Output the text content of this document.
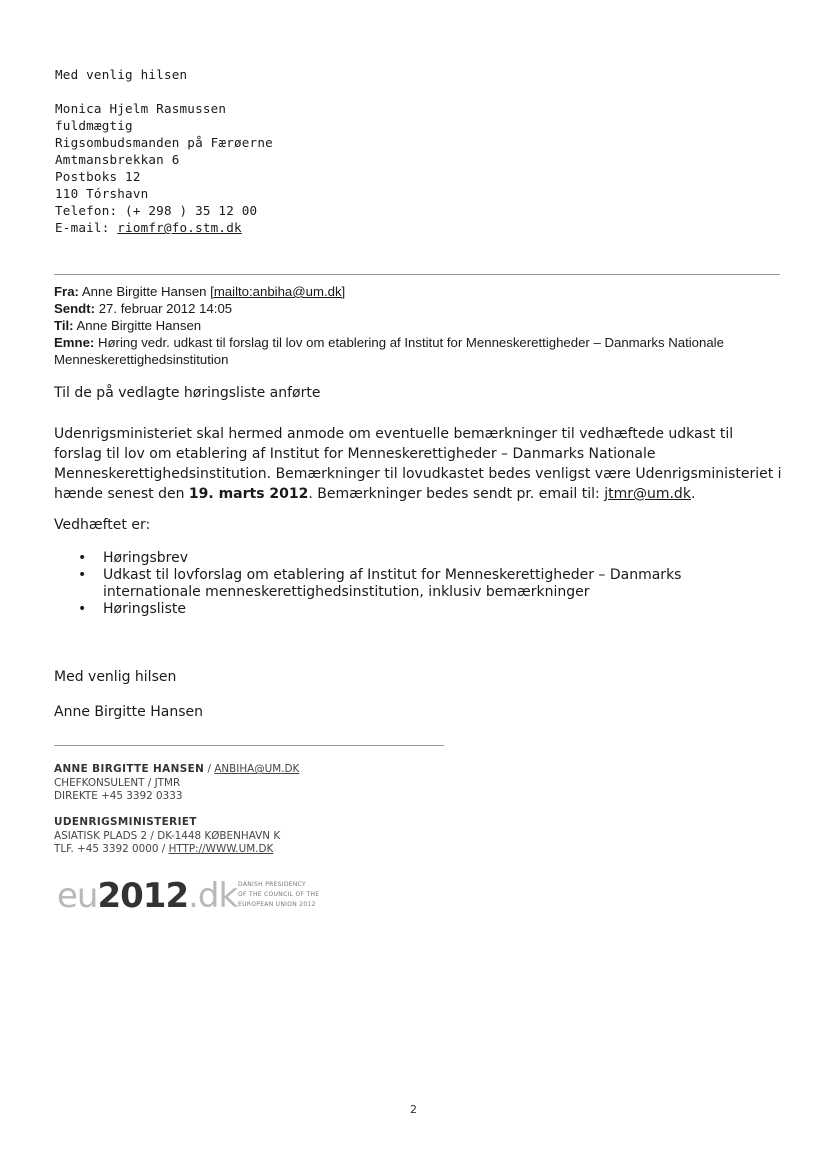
Med venlig hilsen
Monica Hjelm Rasmussen
fuldmægtig
Rigsombudsmanden på Færøerne
Amtmansbrekkan 6
Postboks 12
110 Tórshavn
Telefon: (+ 298 ) 35 12 00
E-mail: riomfr@fo.stm.dk
Fra: Anne Birgitte Hansen [mailto:anbiha@um.dk]
Sendt: 27. februar 2012 14:05
Til: Anne Birgitte Hansen
Emne: Høring vedr. udkast til forslag til lov om etablering af Institut for Menneskerettigheder – Danmarks Nationale Menneskerettighedsinstitution
Til de på vedlagte høringsliste anførte
Udenrigsministeriet skal hermed anmode om eventuelle bemærkninger til vedhæftede udkast til forslag til lov om etablering af Institut for Menneskerettigheder – Danmarks Nationale Menneskerettighedsinstitution. Bemærkninger til lovudkastet bedes venligst være Udenrigsministeriet i hænde senest den 19. marts 2012. Bemærkninger bedes sendt pr. email til: jtmr@um.dk.
Vedhæftet er:
• Høringsbrev
• Udkast til lovforslag om etablering af Institut for Menneskerettigheder – Danmarks internationale menneskerettighedsinstitution, inklusiv bemærkninger
• Høringsliste
Med venlig hilsen
Anne Birgitte Hansen
ANNE BIRGITTE HANSEN / ANBIHA@UM.DK
CHEFKONSULENT / JTMR
DIREKTE +45 3392 0333
UDENRIGSMINISTERIET
ASIATISK PLADS 2 / DK-1448 KØBENHAVN K
TLF. +45 3392 0000 / HTTP://WWW.UM.DK
eu2012.dk DANISH PRESIDENCY
OF THE COUNCIL OF THE
EUROPEAN UNION 2012
2
